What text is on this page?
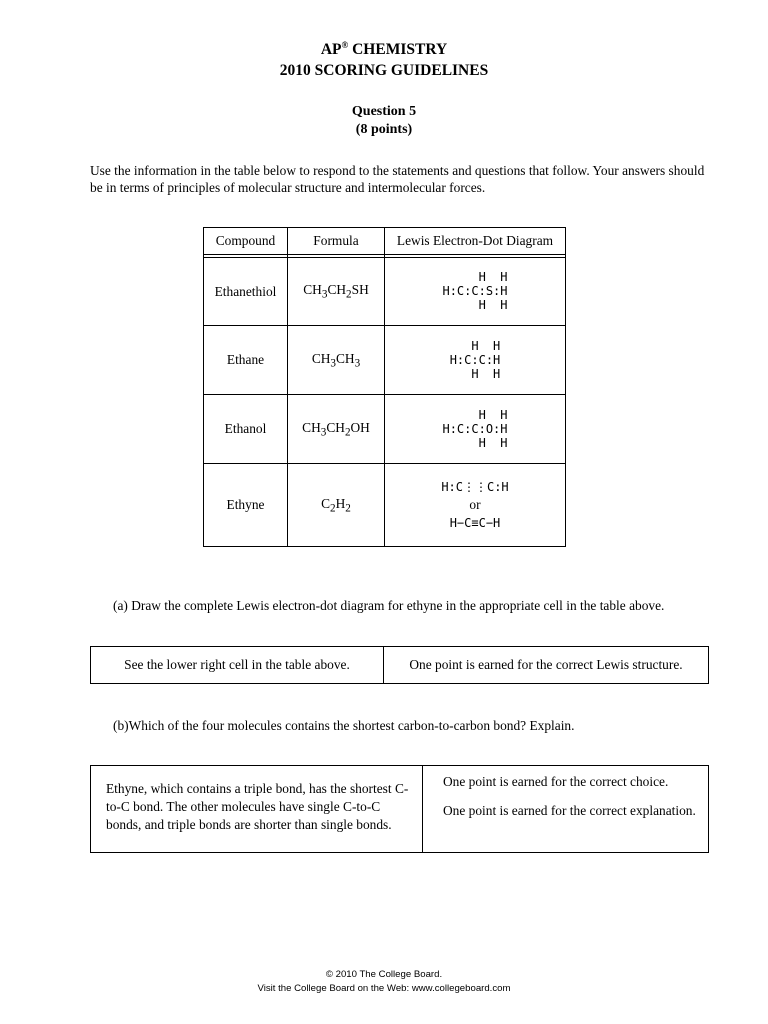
AP® CHEMISTRY
2010 SCORING GUIDELINES
Question 5
(8 points)
Use the information in the table below to respond to the statements and questions that follow. Your answers should be in terms of principles of molecular structure and intermolecular forces.
Compound	Formula	Lewis Electron-Dot Diagram

Ethanethiol	$CH_3CH_2SH$	H  H
H:C:C:S:H
H  H
Ethane	$CH_3CH_3$	H  H
H:C:C:H
H  H
Ethanol	$CH_3CH_2OH$	H  H
H:C:C:O:H
H  H
Ethyne	$C_2H_2$	H:C⋮⋮C:H

or
H−C≡C−H
(a) Draw the complete Lewis electron-dot diagram for ethyne in the appropriate cell in the table above.
See the lower right cell in the table above.	One point is earned for the correct Lewis structure.
(b)Which of the four molecules contains the shortest carbon-to-carbon bond? Explain.
Ethyne, which contains a triple bond, has the shortest C-to-C bond. The other molecules have single C-to-C bonds, and triple bonds are shorter than single bonds.
One point is earned for the correct choice.
One point is earned for the correct explanation.
© 2010 The College Board.
Visit the College Board on the Web: www.collegeboard.com
